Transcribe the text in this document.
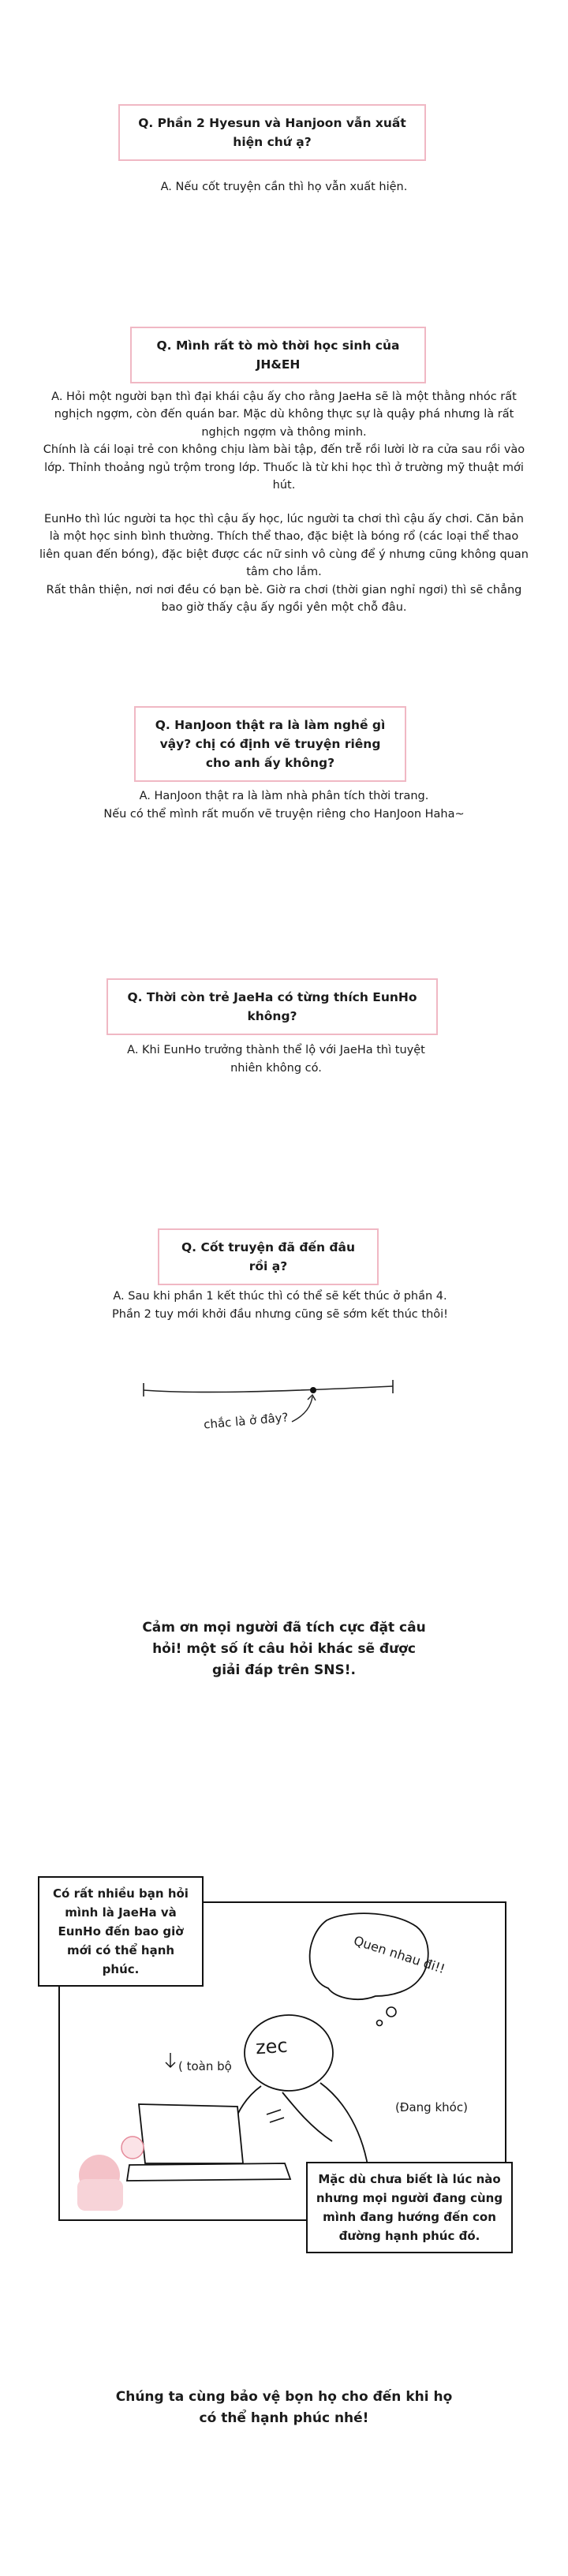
Q. Phần 2 Hyesun và Hanjoon vẫn xuất hiện chứ ạ?

A. Nếu cốt truyện cần thì họ vẫn xuất hiện.

Q. Mình rất tò mò thời học sinh của JH&EH

A. Hỏi một người bạn thì đại khái cậu ấy cho rằng JaeHa sẽ là một thằng nhóc rất nghịch ngợm, còn đến quán bar. Mặc dù không thực sự là quậy phá nhưng là rất nghịch ngợm và thông minh.

Chính là cái loại trẻ con không chịu làm bài tập, đến trễ rồi lười lờ ra cửa sau rồi vào lớp. Thỉnh thoảng ngủ trộm trong lớp. Thuốc là từ khi học thì ở trường mỹ thuật mới hút.

EunHo thì lúc người ta học thì cậu ấy học, lúc người ta chơi thì cậu ấy chơi. Căn bản là một học sinh bình thường. Thích thể thao, đặc biệt là bóng rổ (các loại thể thao liên quan đến bóng), đặc biệt được các nữ sinh vô cùng để ý nhưng cũng không quan tâm cho lắm.

Rất thân thiện, nơi nơi đều có bạn bè. Giờ ra chơi (thời gian nghỉ ngơi) thì sẽ chẳng bao giờ thấy cậu ấy ngồi yên một chỗ đâu.

Q. HanJoon thật ra là làm nghề gì vậy? chị có định vẽ truyện riêng cho anh ấy không?

A. HanJoon thật ra là làm nhà phân tích thời trang.

Nếu có thể mình rất muốn vẽ truyện riêng cho HanJoon Haha~

Q. Thời còn trẻ JaeHa có từng thích EunHo không?

A. Khi EunHo trưởng thành thể lộ với JaeHa thì tuyệt nhiên không có.

Q. Cốt truyện đã đến đâu rồi ạ?

A. Sau khi phần 1 kết thúc thì có thể sẽ kết thúc ở phần 4. Phần 2 tuy mới khởi đầu nhưng cũng sẽ sớm kết thúc thôi!

chắc là ở đây?
Cảm ơn mọi người đã tích cực đặt câu hỏi! một số ít câu hỏi khác sẽ được giải đáp trên SNS!.
Quen nhau đi!!
zec
( toàn bộ
(Đang khóc)
Có rất nhiều bạn hỏi mình là JaeHa và EunHo đến bao giờ mới có thể hạnh phúc.
Mặc dù chưa biết là lúc nào nhưng mọi người đang cùng mình đang hướng đến con đường hạnh phúc đó.
Chúng ta cùng bảo vệ bọn họ cho đến khi họ có thể hạnh phúc nhé!
